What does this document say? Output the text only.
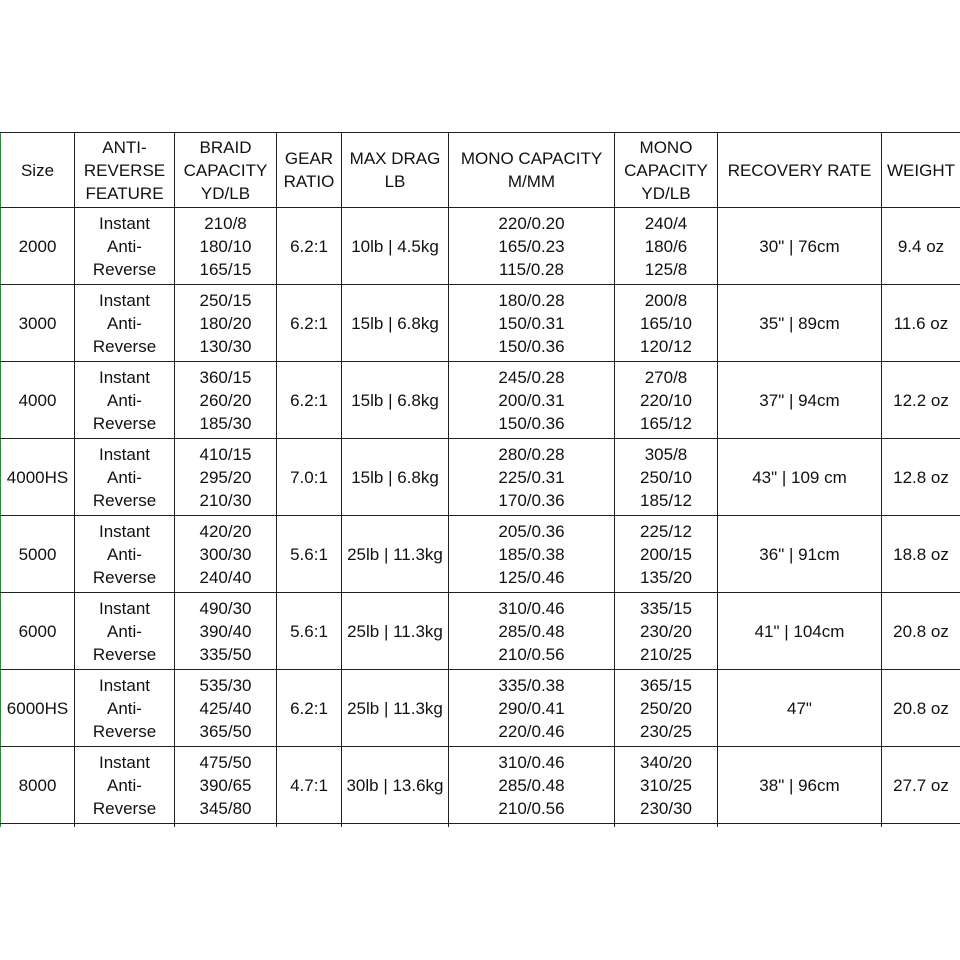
Size	ANTI-
REVERSE
FEATURE	BRAID
CAPACITY
YD/LB	GEAR
RATIO	MAX DRAG
LB	MONO CAPACITY
M/MM	MONO
CAPACITY
YD/LB	RECOVERY RATE	WEIGHT

2000	Instant
Anti-
Reverse	210/8
180/10
165/15	6.2:1	10lb | 4.5kg	220/0.20
165/0.23
115/0.28	240/4
180/6
125/8	30" | 76cm	9.4 oz

3000	Instant
Anti-
Reverse	250/15
180/20
130/30	6.2:1	15lb | 6.8kg	180/0.28
150/0.31
150/0.36	200/8
165/10
120/12	35" | 89cm	11.6 oz

4000	Instant
Anti-
Reverse	360/15
260/20
185/30	6.2:1	15lb | 6.8kg	245/0.28
200/0.31
150/0.36	270/8
220/10
165/12	37" | 94cm	12.2 oz

4000HS	Instant
Anti-
Reverse	410/15
295/20
210/30	7.0:1	15lb | 6.8kg	280/0.28
225/0.31
170/0.36	305/8
250/10
185/12	43" | 109 cm	12.8 oz

5000	Instant
Anti-
Reverse	420/20
300/30
240/40	5.6:1	25lb | 11.3kg	205/0.36
185/0.38
125/0.46	225/12
200/15
135/20	36" | 91cm	18.8 oz

6000	Instant
Anti-
Reverse	490/30
390/40
335/50	5.6:1	25lb | 11.3kg	310/0.46
285/0.48
210/0.56	335/15
230/20
210/25	41" | 104cm	20.8 oz

6000HS	Instant
Anti-
Reverse	535/30
425/40
365/50	6.2:1	25lb | 11.3kg	335/0.38
290/0.41
220/0.46	365/15
250/20
230/25	47"	20.8 oz

8000	Instant
Anti-
Reverse	475/50
390/65
345/80	4.7:1	30lb | 13.6kg	310/0.46
285/0.48
210/0.56	340/20
310/25
230/30	38" | 96cm	27.7 oz
